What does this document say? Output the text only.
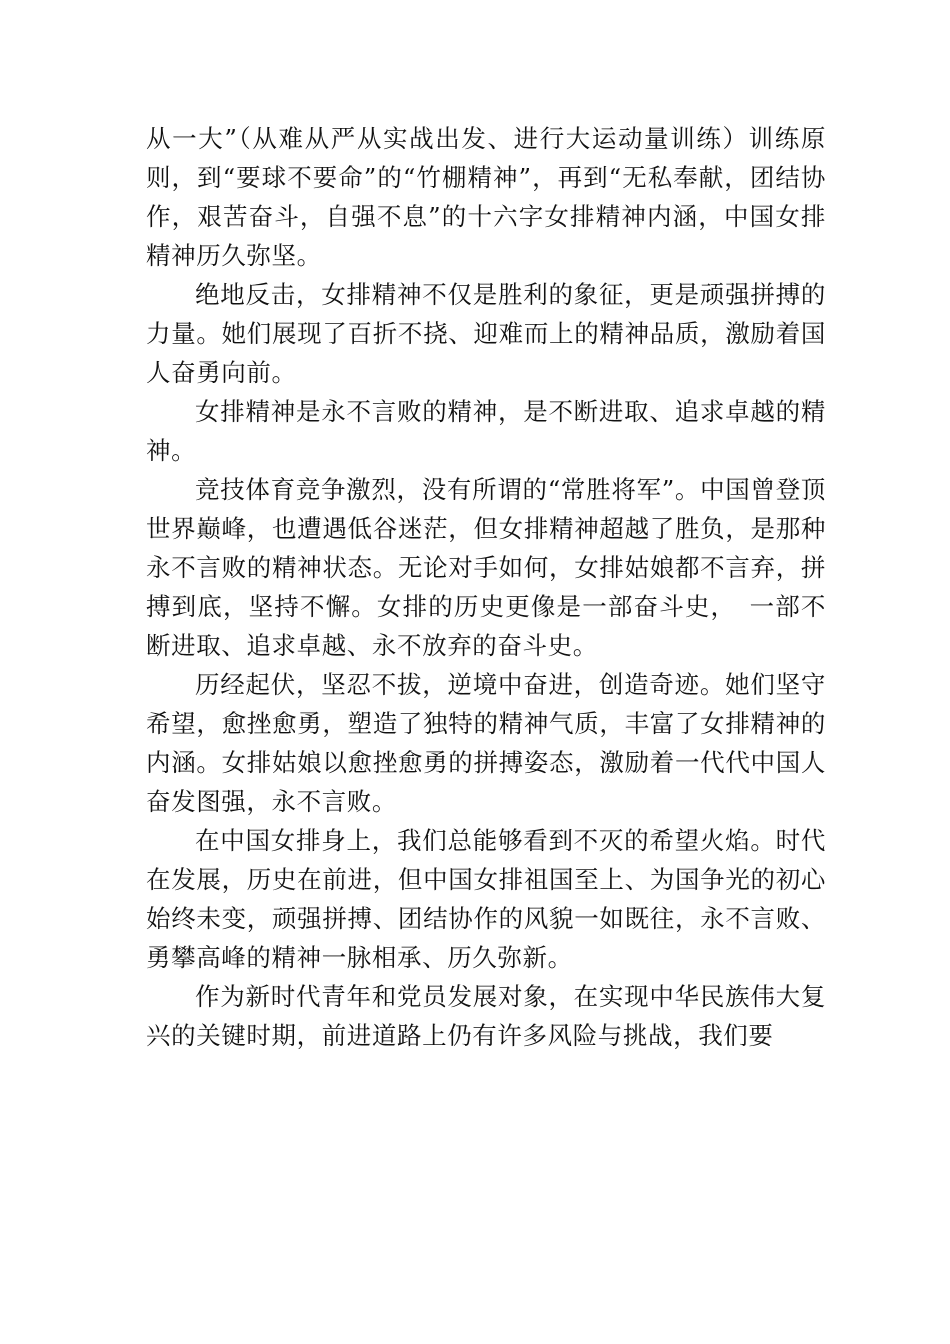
从一大”（从难从严从实战出发、进行大运动量训练）训练原则，到“要球不要命”的“竹棚精神”，再到“无私奉献，团结协作，艰苦奋斗，自强不息”的十六字女排精神内涵，中国女排精神历久弥坚。

绝地反击，女排精神不仅是胜利的象征，更是顽强拼搏的力量。她们展现了百折不挠、迎难而上的精神品质，激励着国人奋勇向前。

女排精神是永不言败的精神，是不断进取、追求卓越的精神。

竞技体育竞争激烈，没有所谓的“常胜将军”。中国曾登顶世界巅峰，也遭遇低谷迷茫，但女排精神超越了胜负，是那种永不言败的精神状态。无论对手如何，女排姑娘都不言弃，拼搏到底，坚持不懈。女排的历史更像是一部奋斗史，　一部不断进取、追求卓越、永不放弃的奋斗史。

历经起伏，坚忍不拔，逆境中奋进，创造奇迹。她们坚守希望，愈挫愈勇，塑造了独特的精神气质，丰富了女排精神的内涵。女排姑娘以愈挫愈勇的拼搏姿态，激励着一代代中国人奋发图强，永不言败。

在中国女排身上，我们总能够看到不灭的希望火焰。时代在发展，历史在前进，但中国女排祖国至上、为国争光的初心始终未变，顽强拼搏、团结协作的风貌一如既往，永不言败、勇攀高峰的精神一脉相承、历久弥新。

作为新时代青年和党员发展对象，在实现中华民族伟大复兴的关键时期，前进道路上仍有许多风险与挑战，我们要
